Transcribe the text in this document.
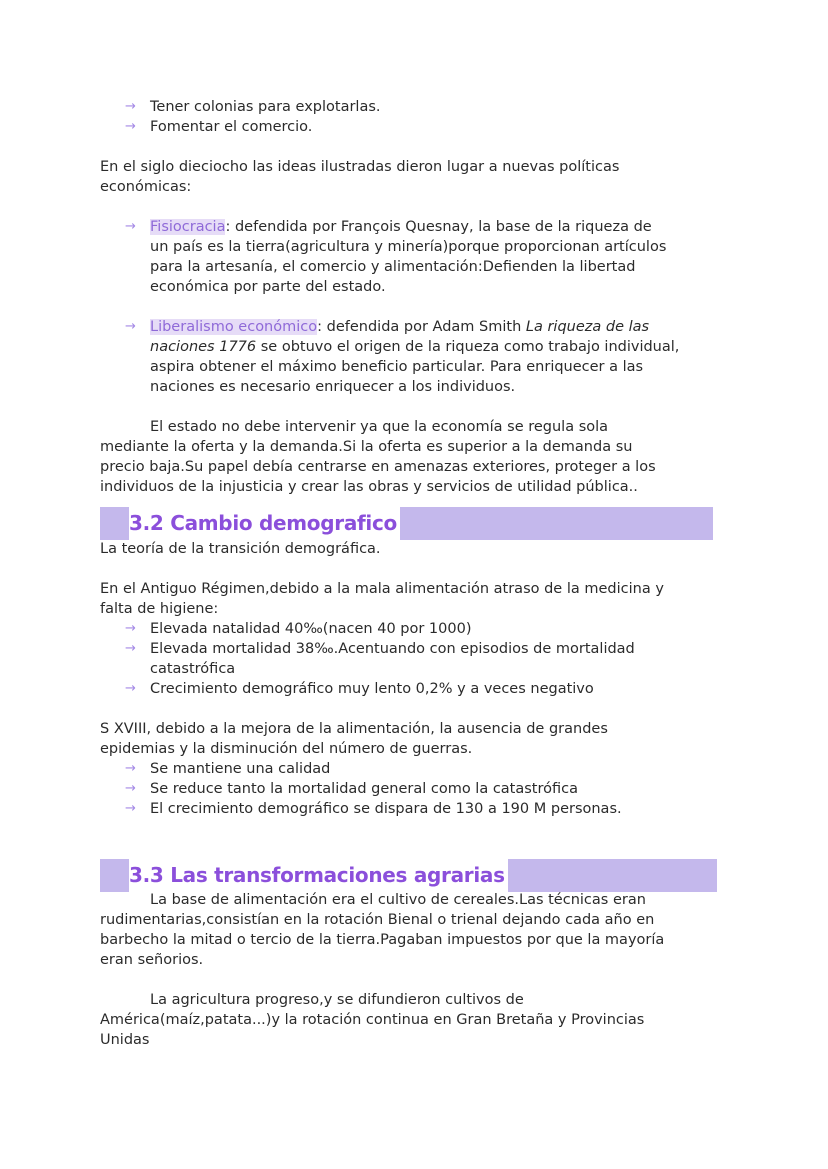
→ Tener colonias para explotarlas.
→ Fomentar el comercio.
En el siglo dieciocho las ideas ilustradas dieron lugar a nuevas políticas
económicas:
→ Fisiocracia: defendida por François Quesnay, la base de la riqueza de
un país es la tierra(agricultura y minería)porque proporcionan artículos
para la artesanía, el comercio y alimentación:Defienden la libertad
económica por parte del estado.
→ Liberalismo económico: defendida por Adam Smith La riqueza de las
naciones 1776 se obtuvo el origen de la riqueza como trabajo individual,
aspira obtener el máximo beneficio particular. Para enriquecer a las
naciones es necesario enriquecer a los individuos.
El estado no debe intervenir ya que la economía se regula sola
mediante la oferta y la demanda.Si la oferta es superior a la demanda su
precio baja.Su papel debía centrarse en amenazas exteriores, proteger a los
individuos de la injusticia y crear las obras y servicios de utilidad pública..
3.2 Cambio demografico
La teoría de la transición demográfica.
En el Antiguo Régimen,debido a la mala alimentación atraso de la medicina y
falta de higiene:
→ Elevada natalidad 40‰(nacen 40 por 1000)
→ Elevada mortalidad 38‰.Acentuando con episodios de mortalidad
catastrófica
→ Crecimiento demográfico muy lento 0,2% y a veces negativo
S XVIII, debido a la mejora de la alimentación, la ausencia de grandes
epidemias y la disminución del número de guerras.
→ Se mantiene una calidad
→ Se reduce tanto la mortalidad general como la catastrófica
→ El crecimiento demográfico se dispara de 130 a 190 M personas.
3.3 Las transformaciones agrarias
La base de alimentación era el cultivo de cereales.Las técnicas eran
rudimentarias,consistían en la rotación Bienal o trienal dejando cada año en
barbecho la mitad o tercio de la tierra.Pagaban impuestos por que la mayoría
eran señorios.
La agricultura progreso,y se difundieron cultivos de
América(maíz,patata...)y la rotación continua en Gran Bretaña y Provincias
Unidas
